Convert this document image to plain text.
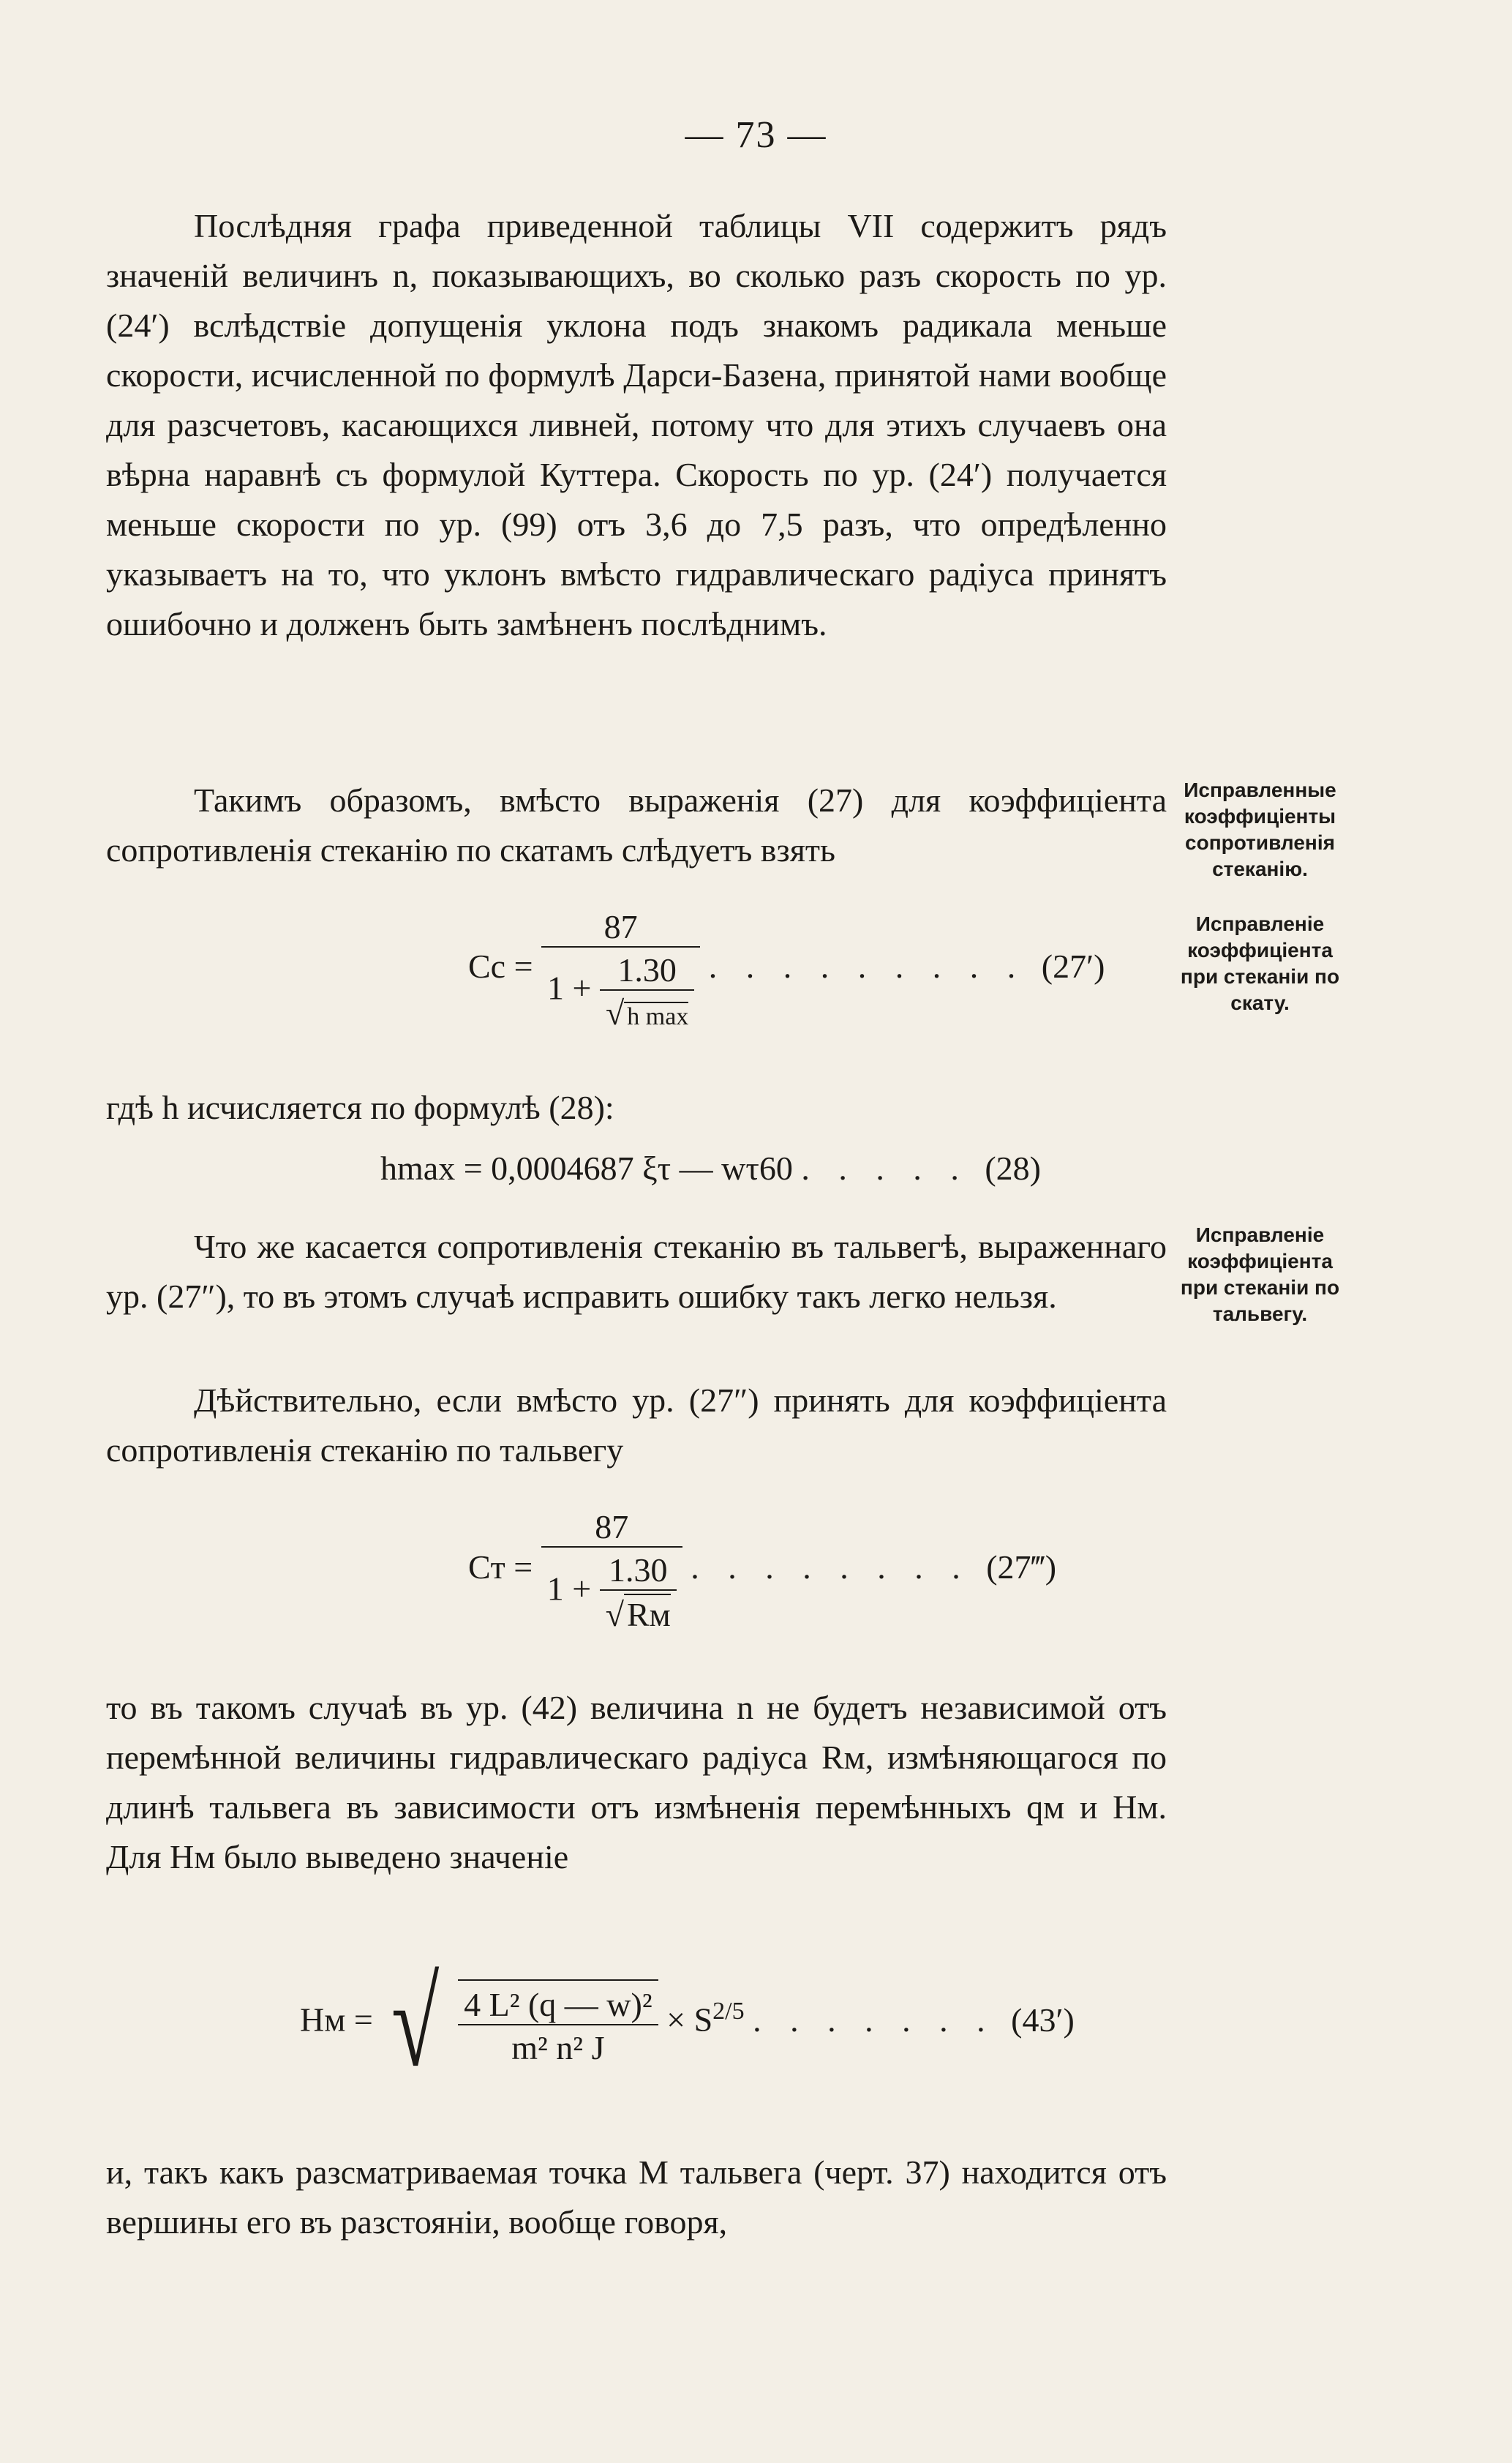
— 73 —

Послѣдняя графа приведенной таблицы VII содержитъ рядъ значеній величинъ n, показывающихъ, во сколько разъ скорость по ур. (24′) вслѣдствіе допущенія уклона подъ знакомъ радикала меньше скорости, исчисленной по формулѣ Дарси-Базена, принятой нами вообще для разсчетовъ, касающихся ливней, потому что для этихъ случаевъ она вѣрна наравнѣ съ формулой Куттера. Скорость по ур. (24′) получается меньше скорости по ур. (99) отъ 3,6 до 7,5 разъ, что опредѣленно указываетъ на то, что уклонъ вмѣсто гидравлическаго радіуса принятъ ошибочно и долженъ быть замѣненъ послѣднимъ.

Такимъ образомъ, вмѣсто выраженія (27) для коэффиціента сопротивленія стеканію по скатамъ слѣдуетъ взять

Исправленные коэффиціенты сопротивленія стеканію.
Исправленіе коэффиціента при стеканіи по скату.
$Cc = \frac{87}{1 + \frac{1.30}{\text{√ h max}}}$ . . . . . . . . . (27′)

гдѣ h исчисляется по формулѣ (28):

hmax = 0,0004687 ξτ — wτ60 . . . . . (28)

Что же касается сопротивленія стеканію въ тальвегѣ, выраженнаго ур. (27″), то въ этомъ случаѣ исправить ошибку такъ легко нельзя.

Исправленіе коэффиціента при стеканіи по тальвегу.

Дѣйствительно, если вмѣсто ур. (27″) принять для коэффиціента сопротивленія стеканію по тальвегу

Cт = $\frac{87}{1 + \frac{1.30}{√Rм}}$ . . . . . . . . (27‴)

то въ такомъ случаѣ въ ур. (42) величина n не будетъ независимой отъ перемѣнной величины гидравлическаго радіуса Rм, измѣняющагося по длинѣ тальвега въ зависимости отъ измѣненія перемѣнныхъ qм и Hм. Для Hм было выведено значеніе

Hм = √ $\frac{\text{4 L² (q — w)²}}{\text{m² n² J}} \times S^{2/5}$ . . . . . . . (43′)

и, такъ какъ разсматриваемая точка M тальвега (черт. 37) находится отъ вершины его въ разстояніи, вообще говоря,
